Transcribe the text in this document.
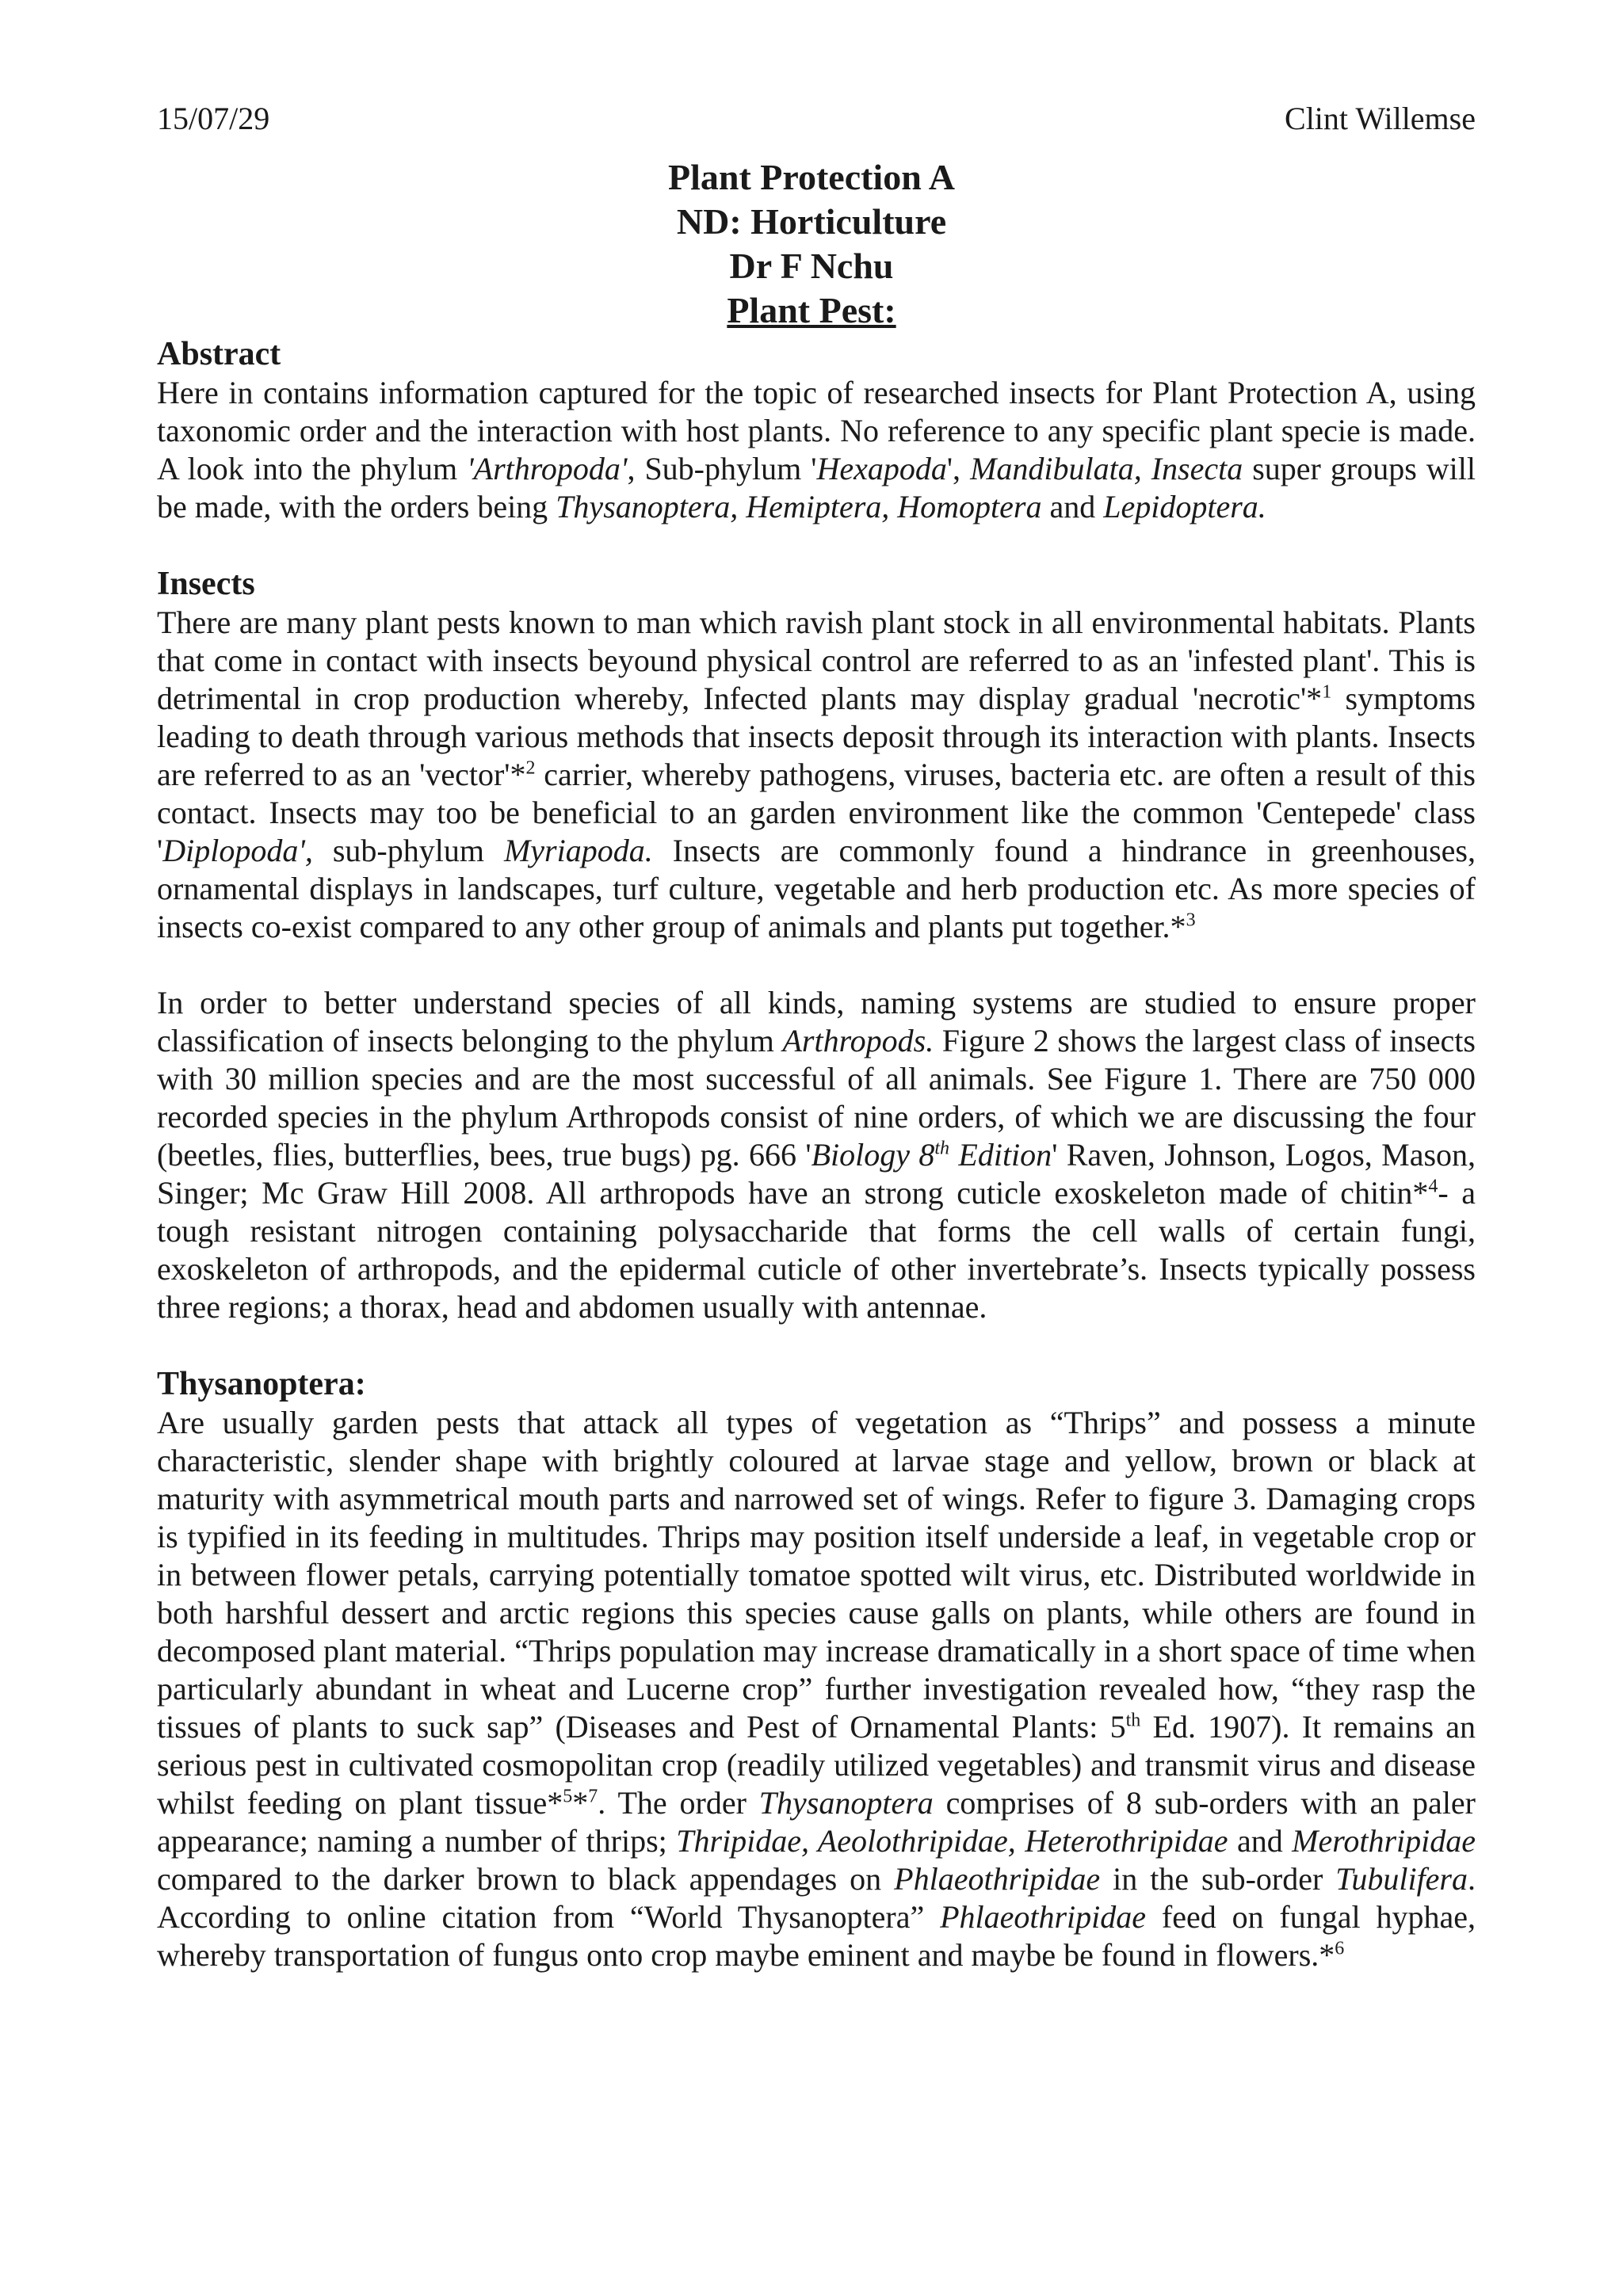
15/07/29	Clint Willemse
Plant Protection A
ND: Horticulture
Dr F Nchu
Plant Pest:
Abstract

Here in contains information captured for the topic of researched insects for Plant Protection A, using taxonomic order and the interaction with host plants. No reference to any specific plant specie is made. A look into the phylum 'Arthropoda', Sub-phylum 'Hexapoda', Mandibulata, Insecta super groups will be made, with the orders being Thysanoptera, Hemiptera, Homoptera and Lepidoptera.

Insects

There are many plant pests known to man which ravish plant stock in all environmental habitats. Plants that come in contact with insects beyound physical control are referred to as an 'infested plant'. This is detrimental in crop production whereby, Infected plants may display gradual 'necrotic'*$^1$ symptoms leading to death through various methods that insects deposit through its interaction with plants. Insects are referred to as an 'vector'*$^2$ carrier, whereby pathogens, viruses, bacteria etc. are often a result of this contact. Insects may too be beneficial to an garden environment like the common 'Centepede' class 'Diplopoda', sub-phylum Myriapoda. Insects are commonly found a hindrance in greenhouses, ornamental displays in landscapes, turf culture, vegetable and herb production etc. As more species of insects co-exist compared to any other group of animals and plants put together.*$^3$

In order to better understand species of all kinds, naming systems are studied to ensure proper classification of insects belonging to the phylum Arthropods. Figure 2 shows the largest class of insects with 30 million species and are the most successful of all animals. See Figure 1. There are 750 000 recorded species in the phylum Arthropods consist of nine orders, of which we are discussing the four (beetles, flies, butterflies, bees, true bugs) pg. 666 'Biology 8th Edition' Raven, Johnson, Logos, Mason, Singer; Mc Graw Hill 2008. All arthropods have an strong cuticle exoskeleton made of chitin*$^4$- a tough resistant nitrogen containing polysaccharide that forms the cell walls of certain fungi, exoskeleton of arthropods, and the epidermal cuticle of other invertebrate’s. Insects typically possess three regions; a thorax, head and abdomen usually with antennae.

Thysanoptera:

Are usually garden pests that attack all types of vegetation as “Thrips” and possess a minute characteristic, slender shape with brightly coloured at larvae stage and yellow, brown or black at maturity with asymmetrical mouth parts and narrowed set of wings. Refer to figure 3. Damaging crops is typified in its feeding in multitudes. Thrips may position itself underside a leaf, in vegetable crop or in between flower petals, carrying potentially tomatoe spotted wilt virus, etc. Distributed worldwide in both harshful dessert and arctic regions this species cause galls on plants, while others are found in decomposed plant material. “Thrips population may increase dramatically in a short space of time when particularly abundant in wheat and Lucerne crop” further investigation revealed how, “they rasp the tissues of plants to suck sap” (Diseases and Pest of Ornamental Plants: 5th Ed. 1907). It remains an serious pest in cultivated cosmopolitan crop (readily utilized vegetables) and transmit virus and disease whilst feeding on plant tissue*$^5$*$^7$. The order Thysanoptera comprises of 8 sub-orders with an paler appearance; naming a number of thrips; Thripidae, Aeolothripidae, Heterothripidae and Merothripidae compared to the darker brown to black appendages on Phlaeothripidae in the sub-order Tubulifera. According to online citation from “World Thysanoptera” Phlaeothripidae feed on fungal hyphae, whereby transportation of fungus onto crop maybe eminent and maybe be found in flowers.*$^6$
